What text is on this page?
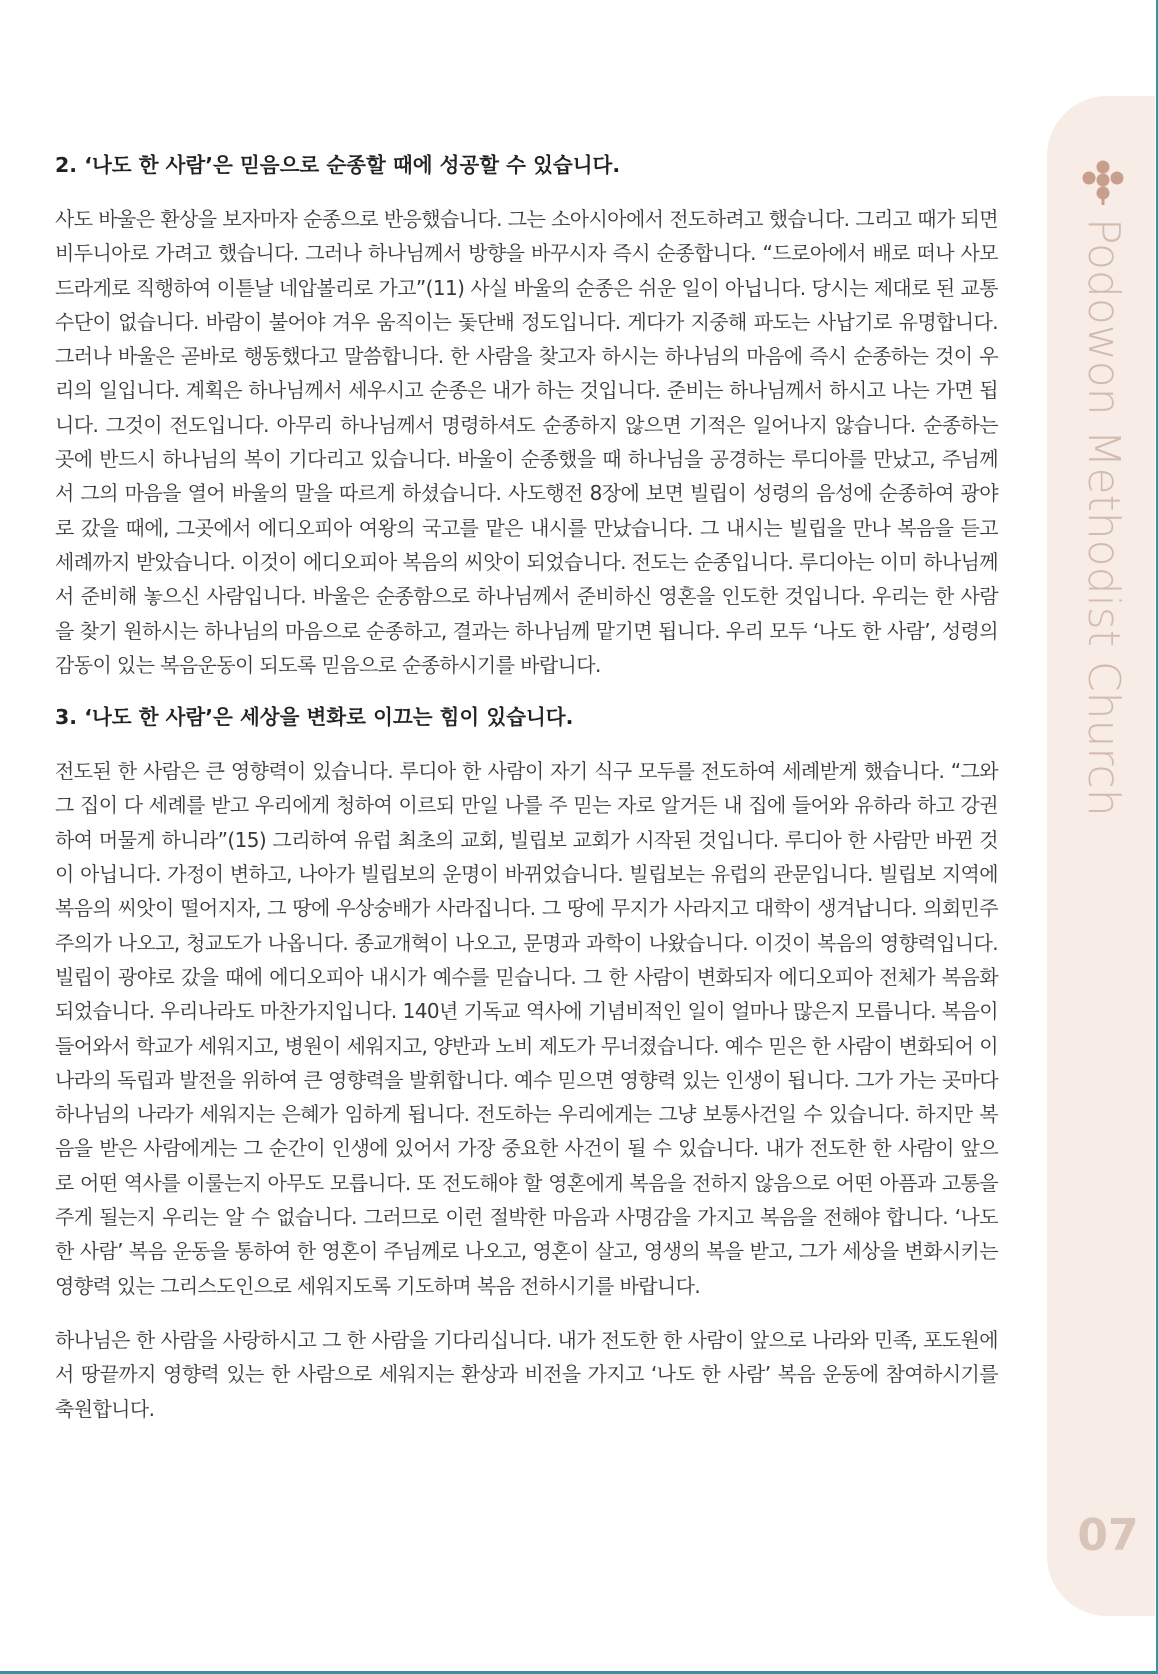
Podowon Methodist Church
07
2. ‘나도 한 사람’은 믿음으로 순종할 때에 성공할 수 있습니다.

사도 바울은 환상을 보자마자 순종으로 반응했습니다. 그는 소아시아에서 전도하려고 했습니다. 그리고 때가 되면 비두니아로 가려고 했습니다. 그러나 하나님께서 방향을 바꾸시자 즉시 순종합니다. “드로아에서 배로 떠나 사모드라게로 직행하여 이튿날 네압볼리로 가고”(11) 사실 바울의 순종은 쉬운 일이 아닙니다. 당시는 제대로 된 교통수단이 없습니다. 바람이 불어야 겨우 움직이는 돛단배 정도입니다. 게다가 지중해 파도는 사납기로 유명합니다. 그러나 바울은 곧바로 행동했다고 말씀합니다. 한 사람을 찾고자 하시는 하나님의 마음에 즉시 순종하는 것이 우리의 일입니다. 계획은 하나님께서 세우시고 순종은 내가 하는 것입니다. 준비는 하나님께서 하시고 나는 가면 됩니다. 그것이 전도입니다. 아무리 하나님께서 명령하셔도 순종하지 않으면 기적은 일어나지 않습니다. 순종하는 곳에 반드시 하나님의 복이 기다리고 있습니다. 바울이 순종했을 때 하나님을 공경하는 루디아를 만났고, 주님께서 그의 마음을 열어 바울의 말을 따르게 하셨습니다. 사도행전 8장에 보면 빌립이 성령의 음성에 순종하여 광야로 갔을 때에, 그곳에서 에디오피아 여왕의 국고를 맡은 내시를 만났습니다. 그 내시는 빌립을 만나 복음을 듣고 세례까지 받았습니다. 이것이 에디오피아 복음의 씨앗이 되었습니다. 전도는 순종입니다. 루디아는 이미 하나님께서 준비해 놓으신 사람입니다. 바울은 순종함으로 하나님께서 준비하신 영혼을 인도한 것입니다. 우리는 한 사람을 찾기 원하시는 하나님의 마음으로 순종하고, 결과는 하나님께 맡기면 됩니다. 우리 모두 ‘나도 한 사람’, 성령의 감동이 있는 복음운동이 되도록 믿음으로 순종하시기를 바랍니다.

3. ‘나도 한 사람’은 세상을 변화로 이끄는 힘이 있습니다.

전도된 한 사람은 큰 영향력이 있습니다. 루디아 한 사람이 자기 식구 모두를 전도하여 세례받게 했습니다. “그와 그 집이 다 세례를 받고 우리에게 청하여 이르되 만일 나를 주 믿는 자로 알거든 내 집에 들어와 유하라 하고 강권하여 머물게 하니라”(15) 그리하여 유럽 최초의 교회, 빌립보 교회가 시작된 것입니다. 루디아 한 사람만 바뀐 것이 아닙니다. 가정이 변하고, 나아가 빌립보의 운명이 바뀌었습니다. 빌립보는 유럽의 관문입니다. 빌립보 지역에 복음의 씨앗이 떨어지자, 그 땅에 우상숭배가 사라집니다. 그 땅에 무지가 사라지고 대학이 생겨납니다. 의회민주주의가 나오고, 청교도가 나옵니다. 종교개혁이 나오고, 문명과 과학이 나왔습니다. 이것이 복음의 영향력입니다. 빌립이 광야로 갔을 때에 에디오피아 내시가 예수를 믿습니다. 그 한 사람이 변화되자 에디오피아 전체가 복음화 되었습니다. 우리나라도 마찬가지입니다. 140년 기독교 역사에 기념비적인 일이 얼마나 많은지 모릅니다. 복음이 들어와서 학교가 세워지고, 병원이 세워지고, 양반과 노비 제도가 무너졌습니다. 예수 믿은 한 사람이 변화되어 이 나라의 독립과 발전을 위하여 큰 영향력을 발휘합니다. 예수 믿으면 영향력 있는 인생이 됩니다. 그가 가는 곳마다 하나님의 나라가 세워지는 은혜가 임하게 됩니다. 전도하는 우리에게는 그냥 보통사건일 수 있습니다. 하지만 복음을 받은 사람에게는 그 순간이 인생에 있어서 가장 중요한 사건이 될 수 있습니다. 내가 전도한 한 사람이 앞으로 어떤 역사를 이룰는지 아무도 모릅니다. 또 전도해야 할 영혼에게 복음을 전하지 않음으로 어떤 아픔과 고통을 주게 될는지 우리는 알 수 없습니다. 그러므로 이런 절박한 마음과 사명감을 가지고 복음을 전해야 합니다. ‘나도 한 사람’ 복음 운동을 통하여 한 영혼이 주님께로 나오고, 영혼이 살고, 영생의 복을 받고, 그가 세상을 변화시키는 영향력 있는 그리스도인으로 세워지도록 기도하며 복음 전하시기를 바랍니다.

하나님은 한 사람을 사랑하시고 그 한 사람을 기다리십니다. 내가 전도한 한 사람이 앞으로 나라와 민족, 포도원에서 땅끝까지 영향력 있는 한 사람으로 세워지는 환상과 비전을 가지고 ‘나도 한 사람’ 복음 운동에 참여하시기를 축원합니다.
